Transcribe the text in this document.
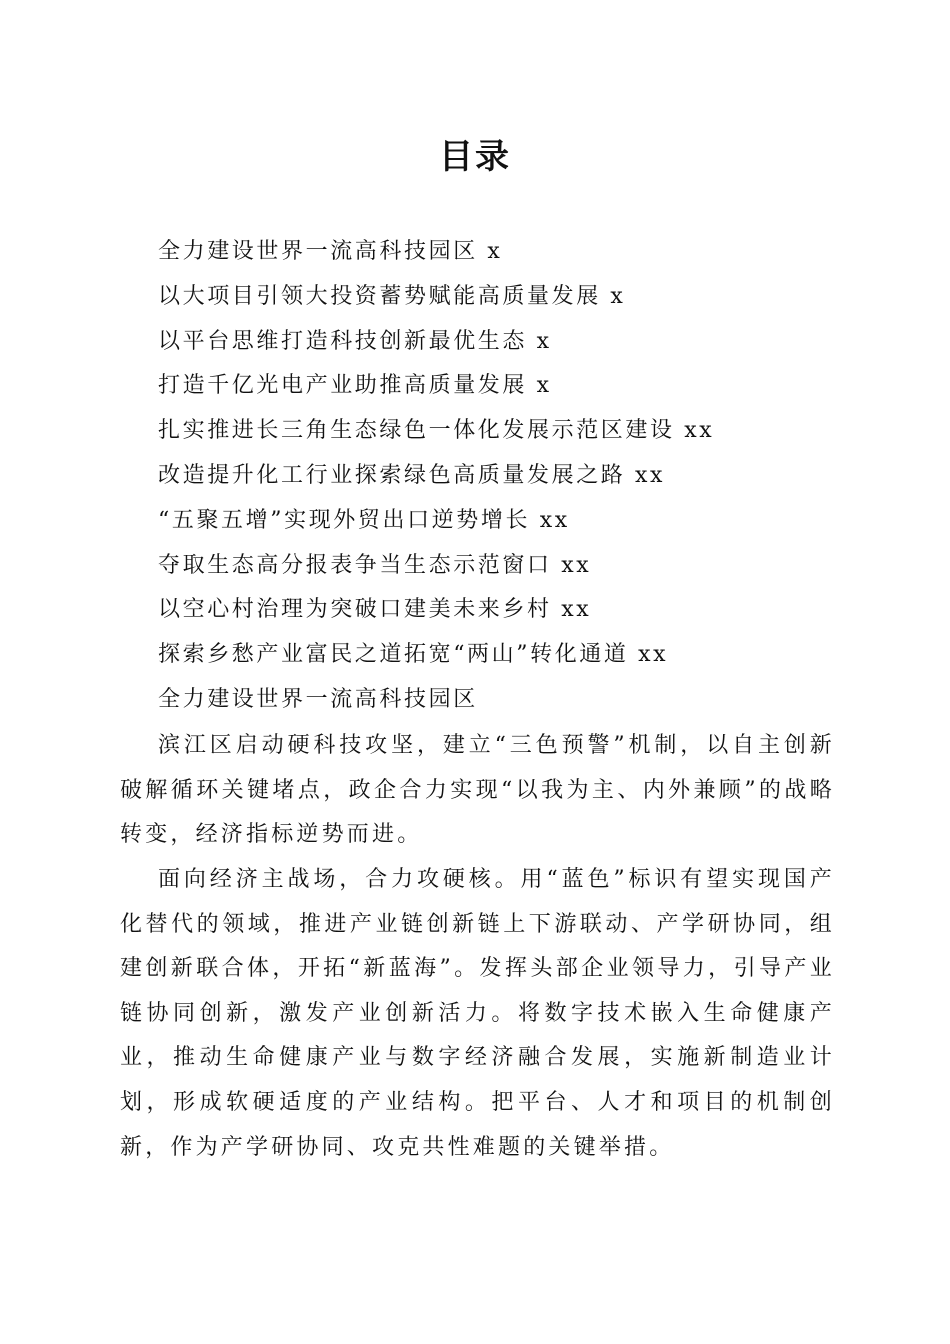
目录
全力建设世界一流高科技园区 x
以大项目引领大投资蓄势赋能高质量发展 x
以平台思维打造科技创新最优生态 x
打造千亿光电产业助推高质量发展 x
扎实推进长三角生态绿色一体化发展示范区建设 xx
改造提升化工行业探索绿色高质量发展之路 xx
“五聚五增”实现外贸出口逆势增长 xx
夺取生态高分报表争当生态示范窗口 xx
以空心村治理为突破口建美未来乡村 xx
探索乡愁产业富民之道拓宽“两山”转化通道 xx
全力建设世界一流高科技园区

滨江区启动硬科技攻坚，建立“三色预警”机制，以自主创新破解循环关键堵点，政企合力实现“以我为主、内外兼顾”的战略转变，经济指标逆势而进。

面向经济主战场，合力攻硬核。用“蓝色”标识有望实现国产化替代的领域，推进产业链创新链上下游联动、产学研协同，组建创新联合体，开拓“新蓝海”。发挥头部企业领导力，引导产业链协同创新，激发产业创新活力。将数字技术嵌入生命健康产业，推动生命健康产业与数字经济融合发展，实施新制造业计划，形成软硬适度的产业结构。把平台、人才和项目的机制创新，作为产学研协同、攻克共性难题的关键举措。
